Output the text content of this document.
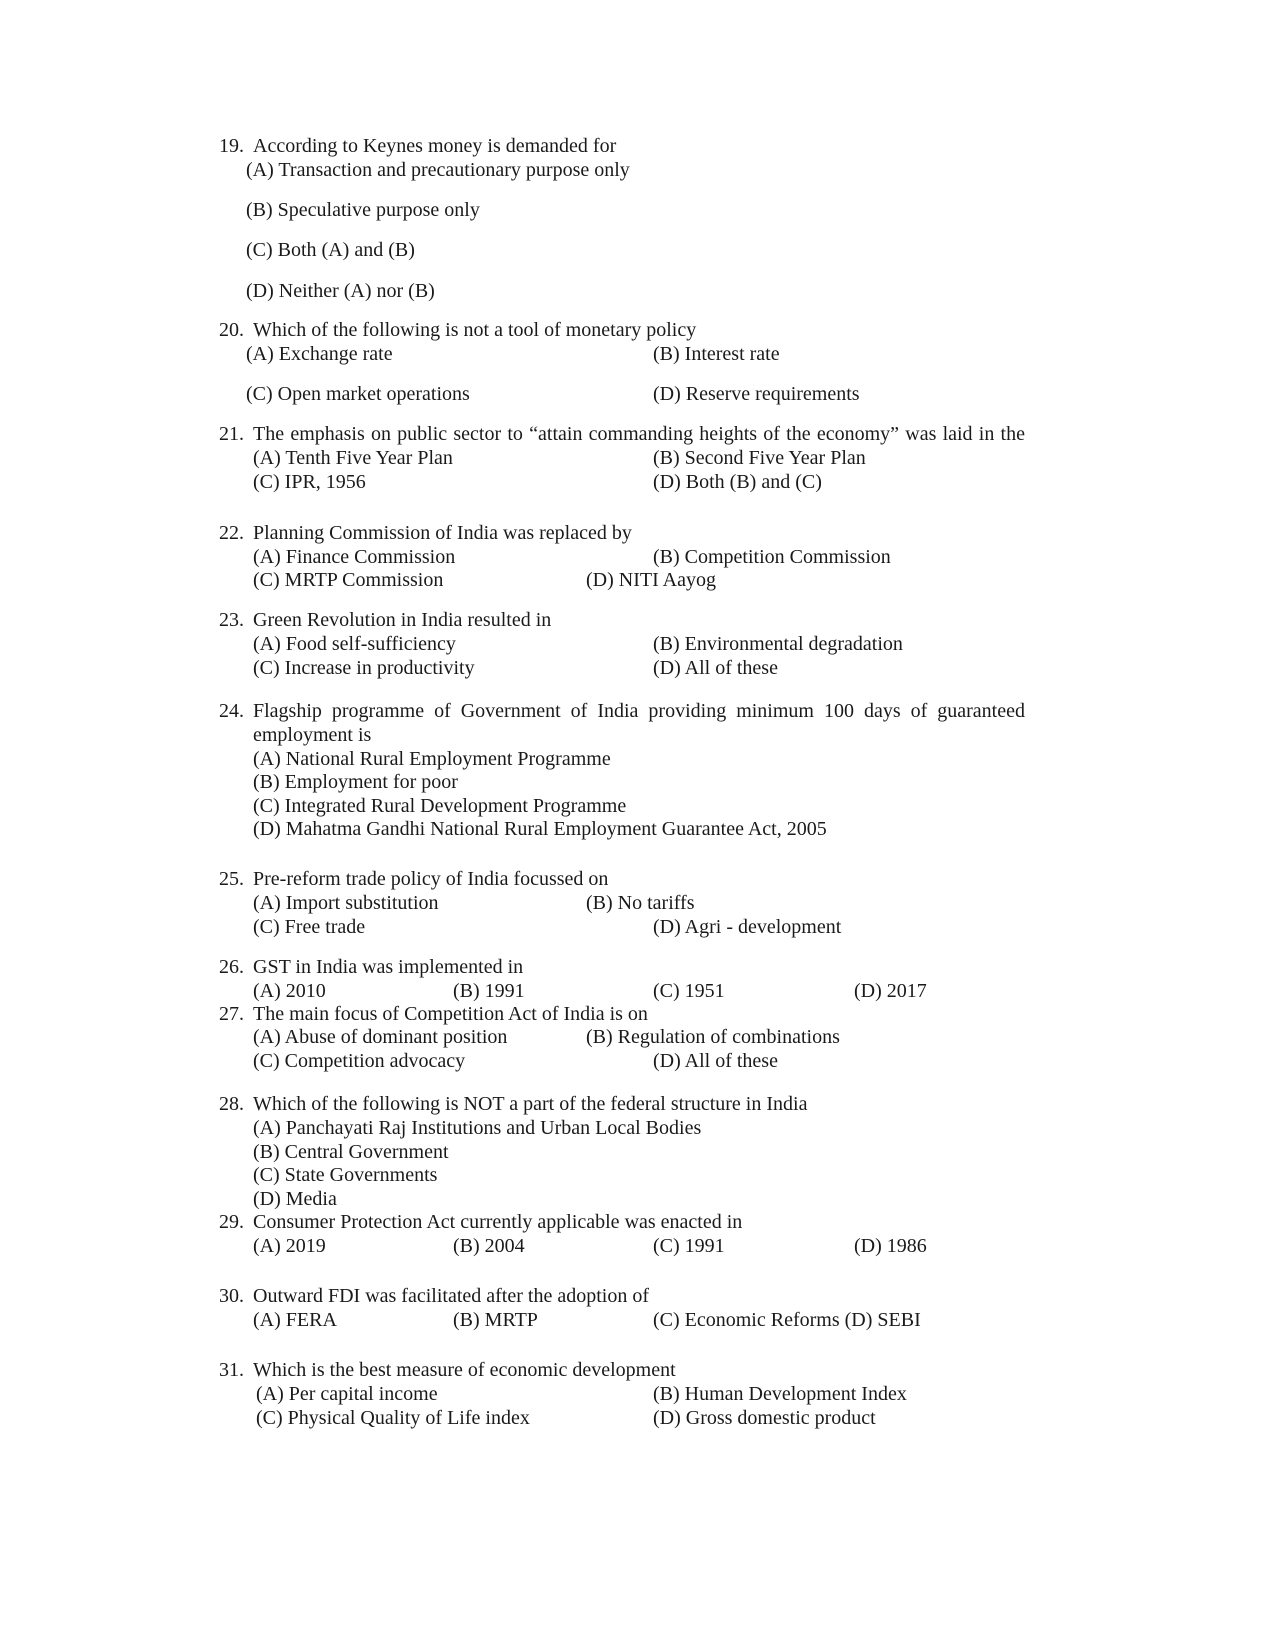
19. According to Keynes money is demanded for
(A) Transaction and precautionary purpose only
(B) Speculative purpose only
(C) Both (A) and (B)
(D) Neither (A) nor (B)
20. Which of the following is not a tool of monetary policy
(A) Exchange rate	(B) Interest rate
(C) Open market operations	(D) Reserve requirements
21. The emphasis on public sector to “attain commanding heights of the economy” was laid in the
(A) Tenth Five Year Plan	(B) Second Five Year Plan
(C) IPR, 1956	(D) Both (B) and (C)
22. Planning Commission of India was replaced by
(A) Finance Commission	(B) Competition Commission
(C) MRTP Commission	(D) NITI Aayog
23. Green Revolution in India resulted in
(A) Food self-sufficiency	(B) Environmental degradation
(C) Increase in productivity	(D) All of these
24. Flagship programme of Government of India providing minimum 100 days of guaranteed
employment is
(A) National Rural Employment Programme
(B) Employment for poor
(C) Integrated Rural Development Programme
(D) Mahatma Gandhi National Rural Employment Guarantee Act, 2005
25. Pre-reform trade policy of India focussed on
(A) Import substitution	(B) No tariffs
(C) Free trade	(D) Agri - development
26. GST in India was implemented in
(A) 2010	(B) 1991	(C) 1951	(D) 2017
27. The main focus of Competition Act of India is on
(A) Abuse of dominant position	(B) Regulation of combinations
(C) Competition advocacy	(D) All of these
28. Which of the following is NOT a part of the federal structure in India
(A) Panchayati Raj Institutions and Urban Local Bodies
(B) Central Government
(C) State Governments
(D) Media
29. Consumer Protection Act currently applicable was enacted in
(A) 2019	(B) 2004	(C) 1991	(D) 1986
30. Outward FDI was facilitated after the adoption of
(A) FERA	(B) MRTP	(C) Economic Reforms (D) SEBI
31. Which is the best measure of economic development
(A) Per capital income	(B) Human Development Index
(C) Physical Quality of Life index	(D) Gross domestic product
